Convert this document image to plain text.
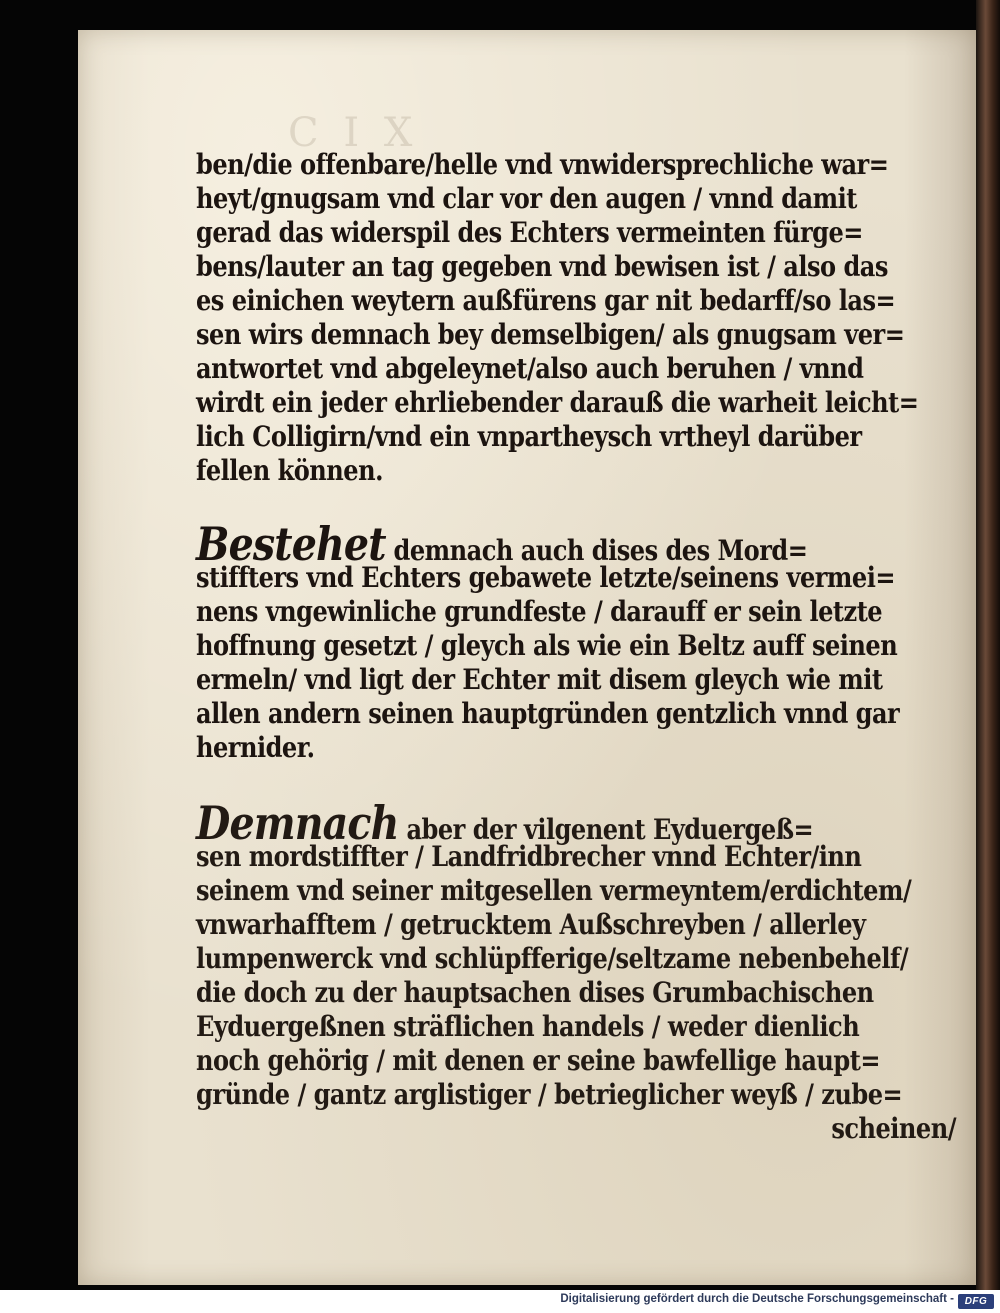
C I X
ben/die offenbare/helle vnd vnwidersprechliche war=
heyt/gnugsam vnd clar vor den augen / vnnd damit
gerad das widerspil des Echters vermeinten fürge=
bens/lauter an tag gegeben vnd bewisen ist / also das
es einichen weytern außfürens gar nit bedarff/so las=
sen wirs demnach bey demselbigen/ als gnugsam ver=
antwortet vnd abgeleynet/also auch beruhen / vnnd
wirdt ein jeder ehrliebender darauß die warheit leicht=
lich Colligirn/vnd ein vnpartheysch vrtheyl darüber
fellen können.
Bestehet demnach auch dises des Mord=
stiffters vnd Echters gebawete letzte/seinens vermei=
nens vngewinliche grundfeste / darauff er sein letzte
hoffnung gesetzt / gleych als wie ein Beltz auff seinen
ermeln/ vnd ligt der Echter mit disem gleych wie mit
allen andern seinen hauptgründen gentzlich vnnd gar
hernider.
Demnach aber der vilgenent Eyduergeß=
sen mordstiffter / Landfridbrecher vnnd Echter/inn
seinem vnd seiner mitgesellen vermeyntem/erdichtem/
vnwarhafftem / getrucktem Außschreyben / allerley
lumpenwerck vnd schlüpfferige/seltzame nebenbehelf/
die doch zu der hauptsachen dises Grumbachischen
Eyduergeßnen sträflichen handels / weder dienlich
noch gehörig / mit denen er seine bawfellige haupt=
gründe / gantz arglistiger / betrieglicher weyß / zube=
scheinen/
Digitalisierung gefördert durch die Deutsche Forschungsgemeinschaft -	DFG
